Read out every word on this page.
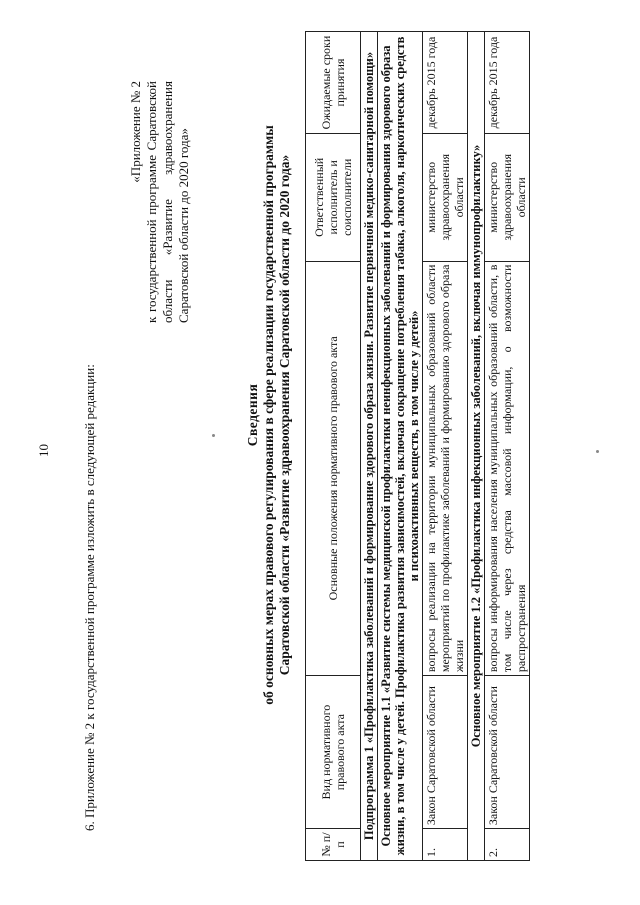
10 6. Приложение № 2 к государственной программе изложить в следующей редакции:
«Приложение № 2 к государственной программе Саратовской области «Развитие здравоохранения Саратовской области до 2020 года»
Сведения об основных мерах правового регулирования в сфере реализации государственной программы Саратовской области «Развитие здравоохранения Саратовской области до 2020 года»
№ п/п	Вид нормативного правового акта	Основные положения нормативного правового акта	Ответственный исполнитель и соисполнители	Ожидаемые сроки принятия
Подпрограмма 1 «Профилактика заболеваний и формирование здорового образа жизни. Развитие первичной медико-санитарной помощи»				
Основное мероприятие 1.1 «Развитие системы медицинской профилактики неинфекционных заболеваний и формирования здорового образа жизни, в том числе у детей. Профилактика развития зависимостей, включая сокращение потребления табака, алкоголя, наркотических средств и психоактивных веществ, в том числе у детей»				
1.	Закон Саратовской области	вопросы реализации на территории муниципальных образований области мероприятий по профилактике заболеваний и формированию здорового образа жизни	министерство здравоохранения области	декабрь 2015 года
Основное мероприятие 1.2 «Профилактика инфекционных заболеваний, включая иммунопрофилактику»				
2.	Закон Саратовской области	вопросы информирования населения муниципальных образований области, в том числе через средства массовой информации, о возможности распространения	министерство здравоохранения области	декабрь 2015 года
